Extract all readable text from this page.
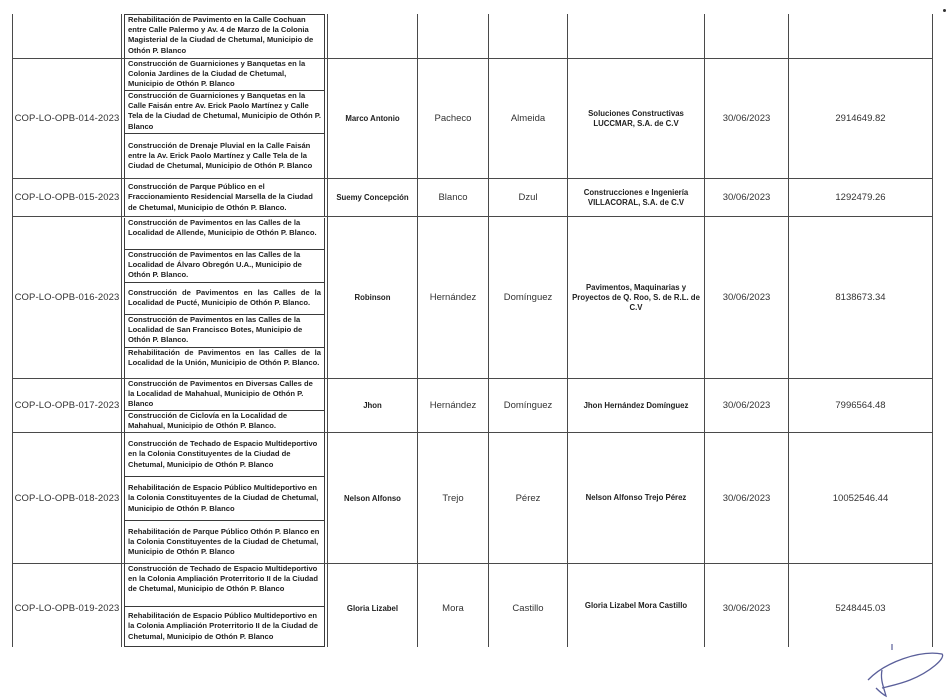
Rehabilitación de Pavimento en la Calle Cochuan entre Calle Palermo y Av. 4 de Marzo de la Colonia Magisterial de la Ciudad de Chetumal, Municipio de Othón P. Blanco						

COP-LO-OPB-014-2023	Construcción de Guarniciones y Banquetas en la Colonia Jardines de la Ciudad de Chetumal, Municipio de Othón P. Blanco
Construcción de Guarniciones y Banquetas en la Calle Faisán entre Av. Erick Paolo Martínez y Calle Tela de la Ciudad de Chetumal, Municipio de Othón P. Blanco
Construcción de Drenaje Pluvial en la Calle Faisán entre la Av. Erick Paolo Martínez y Calle Tela de la Ciudad de Chetumal, Municipio de Othón P. Blanco	Marco Antonio	Pacheco	Almeida	Soluciones Constructivas LUCCMAR, S.A. de C.V	30/06/2023	2914649.82
COP-LO-OPB-015-2023	Construcción de Parque Público en el Fraccionamiento Residencial Marsella de la Ciudad de Chetumal, Municipio de Othón P. Blanco.	Suemy Concepción	Blanco	Dzul	Construcciones e Ingeniería VILLACORAL, S.A. de C.V	30/06/2023	1292479.26
COP-LO-OPB-016-2023	Construcción de Pavimentos en las Calles de la Localidad de Allende, Municipio de Othón P. Blanco.
Construcción de Pavimentos en las Calles de la Localidad de Álvaro Obregón U.A., Municipio de Othón P. Blanco.
Construcción de Pavimentos en las Calles de la Localidad de Pucté, Municipio de Othón P. Blanco.
Construcción de Pavimentos en las Calles de la Localidad de San Francisco Botes, Municipio de Othón P. Blanco.
Rehabilitación de Pavimentos en las Calles de la Localidad de la Unión, Municipio de Othón P. Blanco.	Robinson	Hernández	Domínguez	Pavimentos, Maquinarias y Proyectos de Q. Roo, S. de R.L. de C.V	30/06/2023	8138673.34
COP-LO-OPB-017-2023	Construcción de Pavimentos en Diversas Calles de la Localidad de Mahahual, Municipio de Othón P. Blanco
Construcción de Ciclovía en la Localidad de Mahahual, Municipio de Othón P. Blanco.	Jhon	Hernández	Domínguez	Jhon Hernández Domínguez	30/06/2023	7996564.48
COP-LO-OPB-018-2023	Construcción de Techado de Espacio Multideportivo en la Colonia Constituyentes de la Ciudad de Chetumal, Municipio de Othón P. Blanco
Rehabilitación de Espacio Público Multideportivo en la Colonia Constituyentes de la Ciudad de Chetumal, Municipio de Othón P. Blanco
Rehabilitación de Parque Público Othón P. Blanco en la Colonia Constituyentes de la Ciudad de Chetumal, Municipio de Othón P. Blanco	Nelson Alfonso	Trejo	Pérez	Nelson Alfonso Trejo Pérez	30/06/2023	10052546.44
COP-LO-OPB-019-2023	Construcción de Techado de Espacio Multideportivo en la Colonia Ampliación Proterritorio II de la Ciudad de Chetumal, Municipio de Othón P. Blanco
Rehabilitación de Espacio Público Multideportivo en la Colonia Ampliación Proterritorio II de la Ciudad de Chetumal, Municipio de Othón P. Blanco	Gloria Lizabel	Mora	Castillo	Gloria Lizabel Mora Castillo	30/06/2023	5248445.03
